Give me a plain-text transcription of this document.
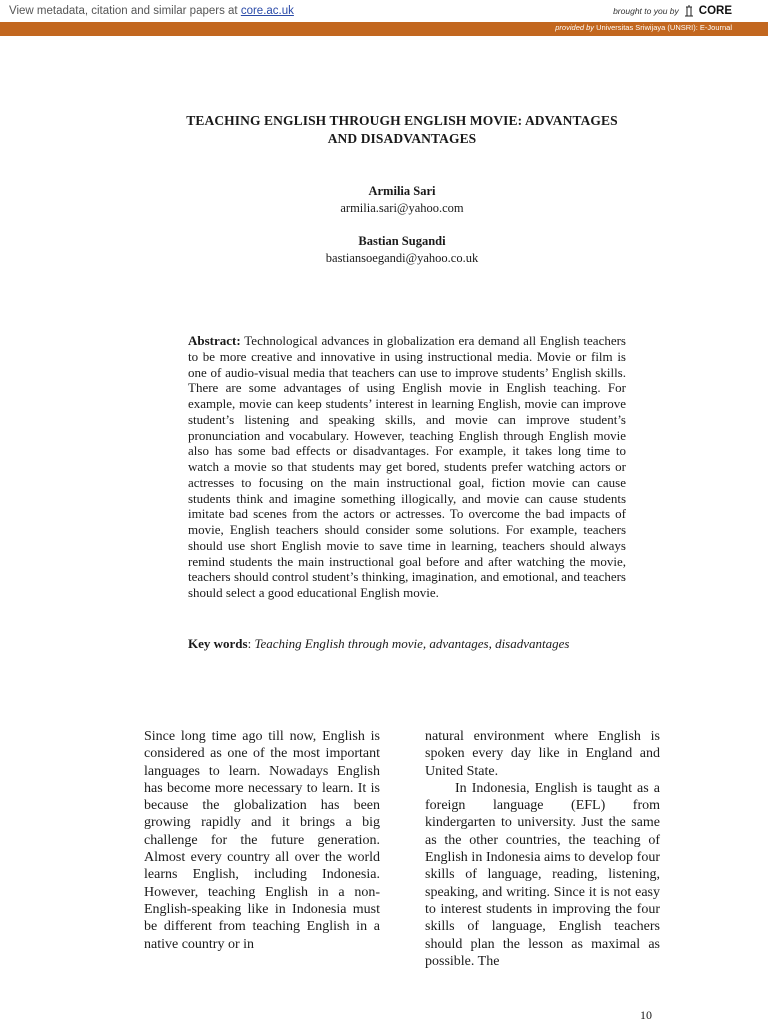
View metadata, citation and similar papers at core.ac.uk	brought to you by CORE
provided by Universitas Sriwijaya (UNSRI): E-Journal
TEACHING ENGLISH THROUGH ENGLISH MOVIE: ADVANTAGES
AND DISADVANTAGES
Armilia Sari
armilia.sari@yahoo.com
Bastian Sugandi
bastiansoegandi@yahoo.co.uk
Abstract: Technological advances in globalization era demand all English teachers to be more creative and innovative in using instructional media. Movie or film is one of audio-visual media that teachers can use to improve students’ English skills. There are some advantages of using English movie in English teaching. For example, movie can keep students’ interest in learning English, movie can improve student’s listening and speaking skills, and movie can improve student’s pronunciation and vocabulary. However, teaching English through English movie also has some bad effects or disadvantages. For example, it takes long time to watch a movie so that students may get bored, students prefer watching actors or actresses to focusing on the main instructional goal, fiction movie can cause students think and imagine something illogically, and movie can cause students imitate bad scenes from the actors or actresses. To overcome the bad impacts of movie, English teachers should consider some solutions. For example, teachers should use short English movie to save time in learning, teachers should always remind students the main instructional goal before and after watching the movie, teachers should control student’s thinking, imagination, and emotional, and teachers should select a good educational English movie.
Key words: Teaching English through movie, advantages, disadvantages

Since long time ago till now, English is considered as one of the most important languages to learn. Nowadays English has become more necessary to learn. It is because the globalization has been growing rapidly and it brings a big challenge for the future generation. Almost every country all over the world learns English, including Indonesia. However, teaching English in a non-English-speaking like in Indonesia must be different from teaching English in a native country or in

natural environment where English is spoken every day like in England and United State.

In Indonesia, English is taught as a foreign language (EFL) from kindergarten to university. Just the same as the other countries, the teaching of English in Indonesia aims to develop four skills of language, reading, listening, speaking, and writing. Since it is not easy to interest students in improving the four skills of language, English teachers should plan the lesson as maximal as possible. The

10
